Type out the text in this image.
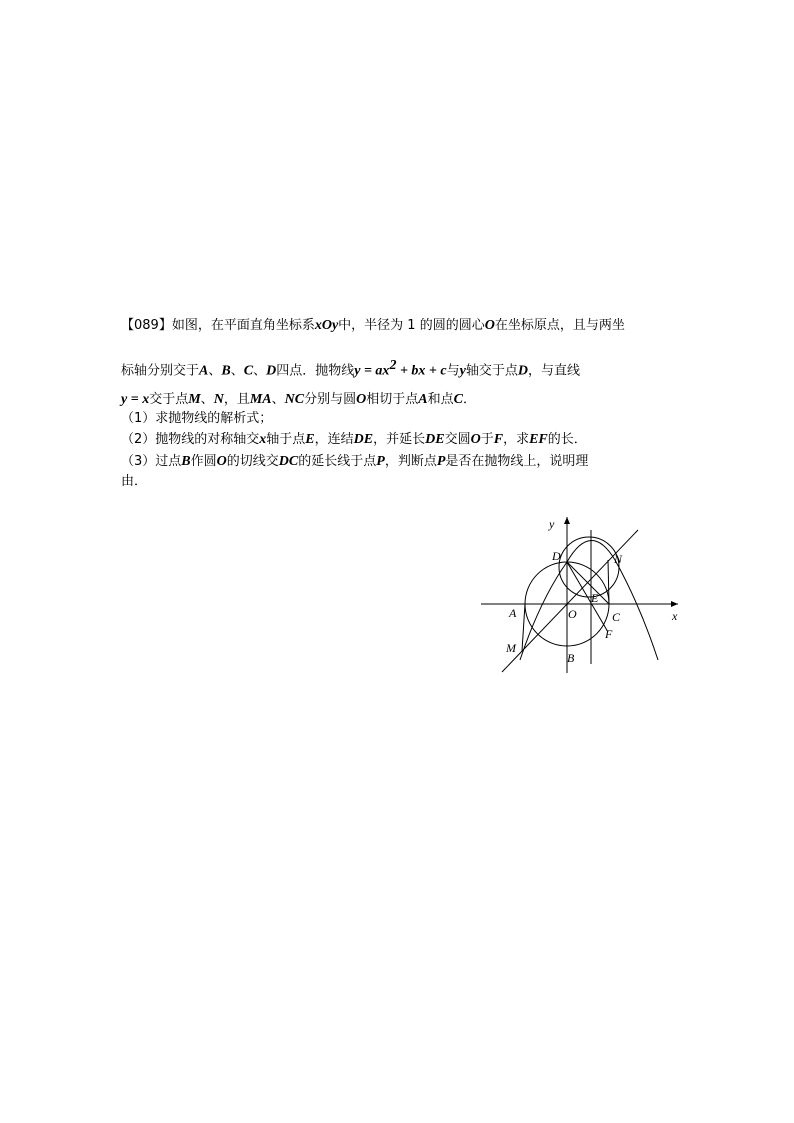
【089】如图，在平面直角坐标系xOy中，半径为 1 的圆的圆心O在坐标原点，且与两坐
标轴分别交于A、B、C、D四点．抛物线$y = ax^2$ + bx + c与y轴交于点D，与直线
y = x交于点M、N，且MA、NC分别与圆O相切于点A和点C．
（1）求抛物线的解析式；
（2）抛物线的对称轴交x轴于点E，连结DE，并延长DE交圆O于F，求EF的长．
（3）过点B作圆O的切线交DC的延长线于点P，判断点P是否在抛物线上，说明理
由．
y
x
D	N
A	O
E
C
F
M
B
